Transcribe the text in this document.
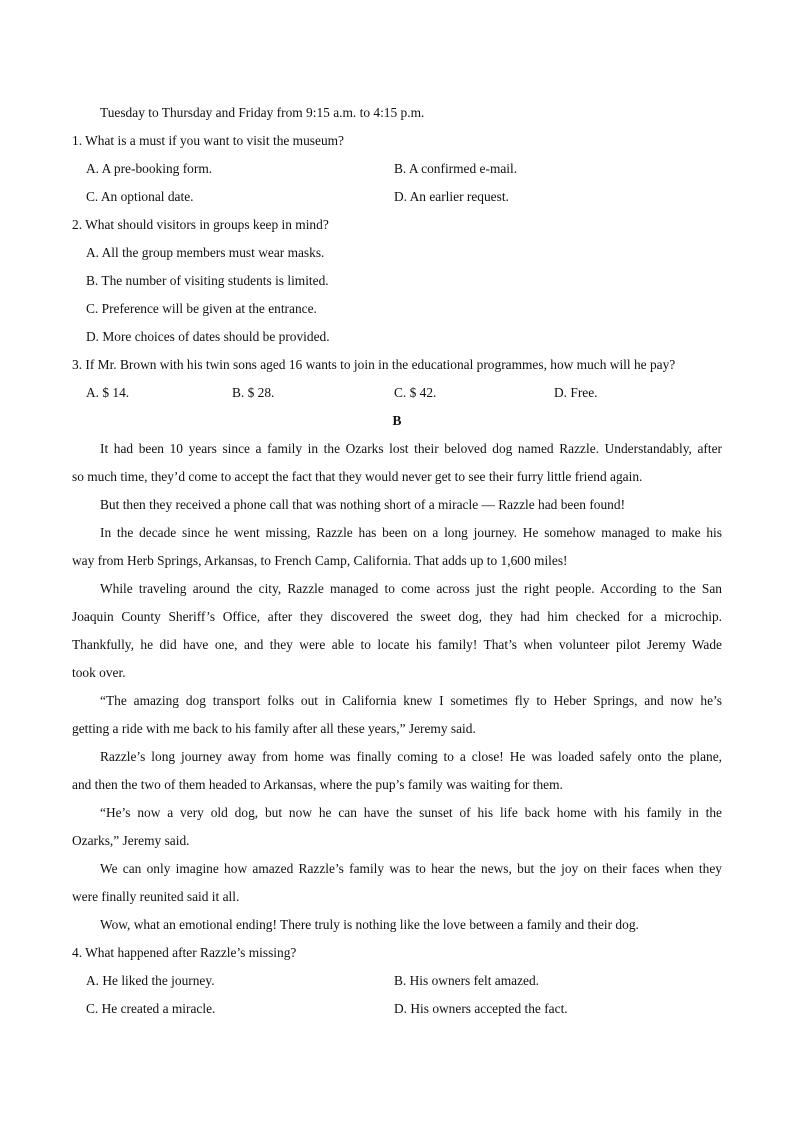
Tuesday to Thursday and Friday from 9:15 a.m. to 4:15 p.m.
1. What is a must if you want to visit the museum?
A. A pre-booking form.	B. A confirmed e-mail.
C. An optional date.	D. An earlier request.
2. What should visitors in groups keep in mind?
A. All the group members must wear masks.
B. The number of visiting students is limited.
C. Preference will be given at the entrance.
D. More choices of dates should be provided.
3. If Mr. Brown with his twin sons aged 16 wants to join in the educational programmes, how much will he pay?
A. $ 14.	B. $ 28.	C. $ 42.	D. Free.
B
It had been 10 years since a family in the Ozarks lost their beloved dog named Razzle. Understandably, after
so much time, they’d come to accept the fact that they would never get to see their furry little friend again.
But then they received a phone call that was nothing short of a miracle — Razzle had been found!
In the decade since he went missing, Razzle has been on a long journey. He somehow managed to make his
way from Herb Springs, Arkansas, to French Camp, California. That adds up to 1,600 miles!
While traveling around the city, Razzle managed to come across just the right people. According to the San
Joaquin County Sheriff’s Office, after they discovered the sweet dog, they had him checked for a microchip.
Thankfully, he did have one, and they were able to locate his family! That’s when volunteer pilot Jeremy Wade
took over.
“The amazing dog transport folks out in California knew I sometimes fly to Heber Springs, and now he’s
getting a ride with me back to his family after all these years,” Jeremy said.
Razzle’s long journey away from home was finally coming to a close! He was loaded safely onto the plane,
and then the two of them headed to Arkansas, where the pup’s family was waiting for them.
“He’s now a very old dog, but now he can have the sunset of his life back home with his family in the
Ozarks,” Jeremy said.
We can only imagine how amazed Razzle’s family was to hear the news, but the joy on their faces when they
were finally reunited said it all.
Wow, what an emotional ending! There truly is nothing like the love between a family and their dog.
4. What happened after Razzle’s missing?
A. He liked the journey.	B. His owners felt amazed.
C. He created a miracle.	D. His owners accepted the fact.
